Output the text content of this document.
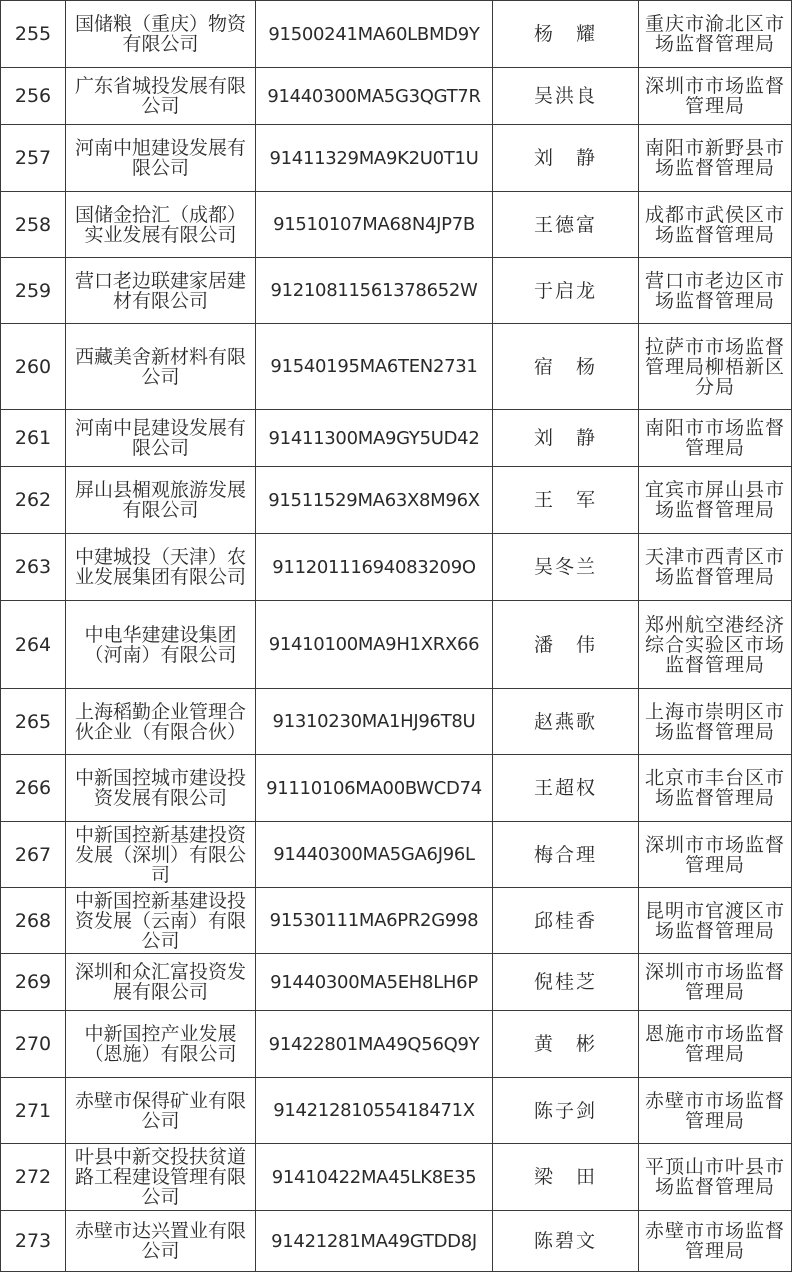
255	国储粮（重庆）物资有限公司	91500241MA60LBMD9Y	杨　耀	重庆市渝北区市场监督管理局
256	广东省城投发展有限公司	91440300MA5G3QGT7R	吴洪良	深圳市市场监督管理局
257	河南中旭建设发展有限公司	91411329MA9K2U0T1U	刘　静	南阳市新野县市场监督管理局
258	国储金拾汇（成都）实业发展有限公司	91510107MA68N4JP7B	王德富	成都市武侯区市场监督管理局
259	营口老边联建家居建材有限公司	91210811561378652W	于启龙	营口市老边区市场监督管理局
260	西藏美舍新材料有限公司	91540195MA6TEN2731	宿　杨	拉萨市市场监督管理局柳梧新区分局
261	河南中昆建设发展有限公司	91411300MA9GY5UD42	刘　静	南阳市市场监督管理局
262	屏山县楣观旅游发展有限公司	91511529MA63X8M96X	王　军	宜宾市屏山县市场监督管理局
263	中建城投（天津）农业发展集团有限公司	91120111694083209O	吴冬兰	天津市西青区市场监督管理局
264	中电华建建设集团（河南）有限公司	91410100MA9H1XRX66	潘　伟	郑州航空港经济综合实验区市场监督管理局
265	上海稻勤企业管理合伙企业（有限合伙）	91310230MA1HJ96T8U	赵燕歌	上海市崇明区市场监督管理局
266	中新国控城市建设投资发展有限公司	91110106MA00BWCD74	王超权	北京市丰台区市场监督管理局
267	中新国控新基建投资发展（深圳）有限公司	91440300MA5GA6J96L	梅合理	深圳市市场监督管理局
268	中新国控新基建设投资发展（云南）有限公司	91530111MA6PR2G998	邱桂香	昆明市官渡区市场监督管理局
269	深圳和众汇富投资发展有限公司	91440300MA5EH8LH6P	倪桂芝	深圳市市场监督管理局
270	中新国控产业发展（恩施）有限公司	91422801MA49Q56Q9Y	黄　彬	恩施市市场监督管理局
271	赤壁市保得矿业有限公司	91421281055418471X	陈子剑	赤壁市市场监督管理局
272	叶县中新交投扶贫道路工程建设管理有限公司	91410422MA45LK8E35	梁　田	平顶山市叶县市场监督管理局
273	赤壁市达兴置业有限公司	91421281MA49GTDD8J	陈碧文	赤壁市市场监督管理局
